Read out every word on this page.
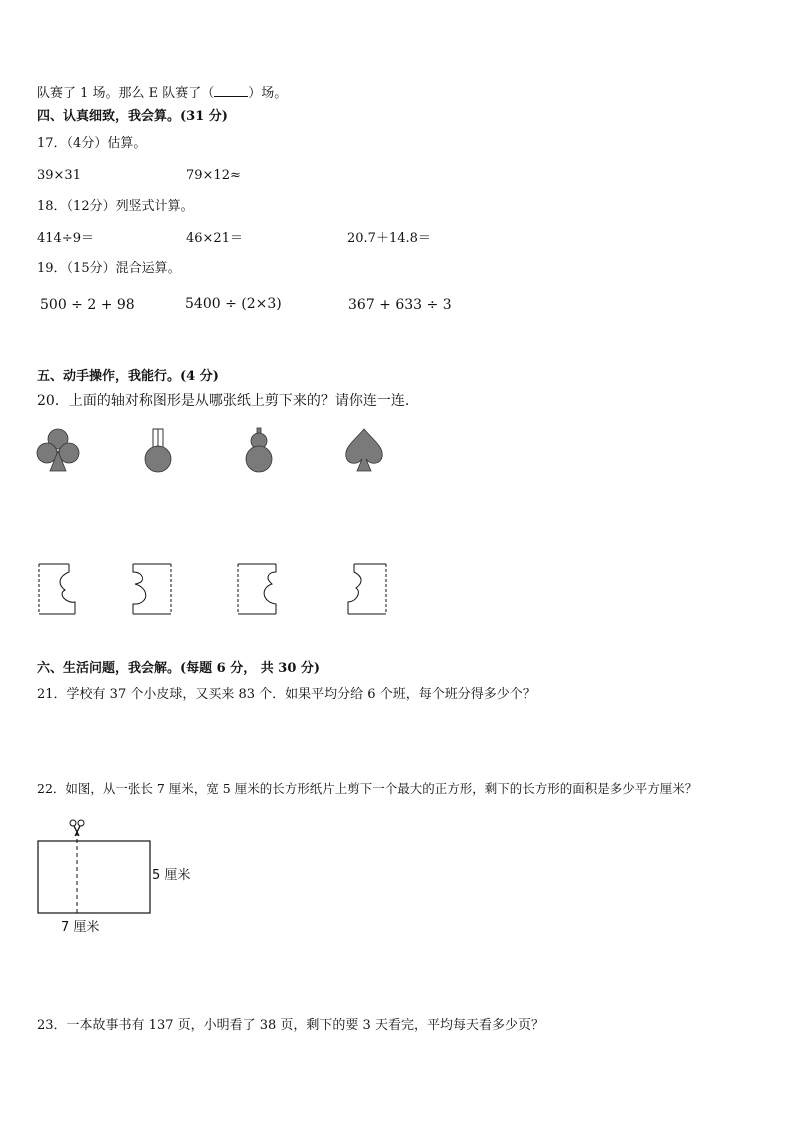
队赛了 1 场。那么 E 队赛了（	）场。
四、认真细致，我会算。(31 分)
17．（4分）估算。
39×31	79×12≈
18．（12分）列竖式计算。
414÷9＝	46×21＝	20.7＋14.8＝
19．（15分）混合运算。
500 ÷ 2 + 98	5400 ÷ (2×3)	367 + 633 ÷ 3
五、动手操作，我能行。(4 分)
20．上面的轴对称图形是从哪张纸上剪下来的？请你连一连.
六、生活问题，我会解。(每题 6 分， 共 30 分)
21．学校有 37 个小皮球，又买来 83 个．如果平均分给 6 个班，每个班分得多少个？
22．如图，从一张长 7 厘米，宽 5 厘米的长方形纸片上剪下一个最大的正方形，剩下的长方形的面积是多少平方厘米？
5 厘米
7 厘米
23．一本故事书有 137 页，小明看了 38 页，剩下的要 3 天看完，平均每天看多少页？
